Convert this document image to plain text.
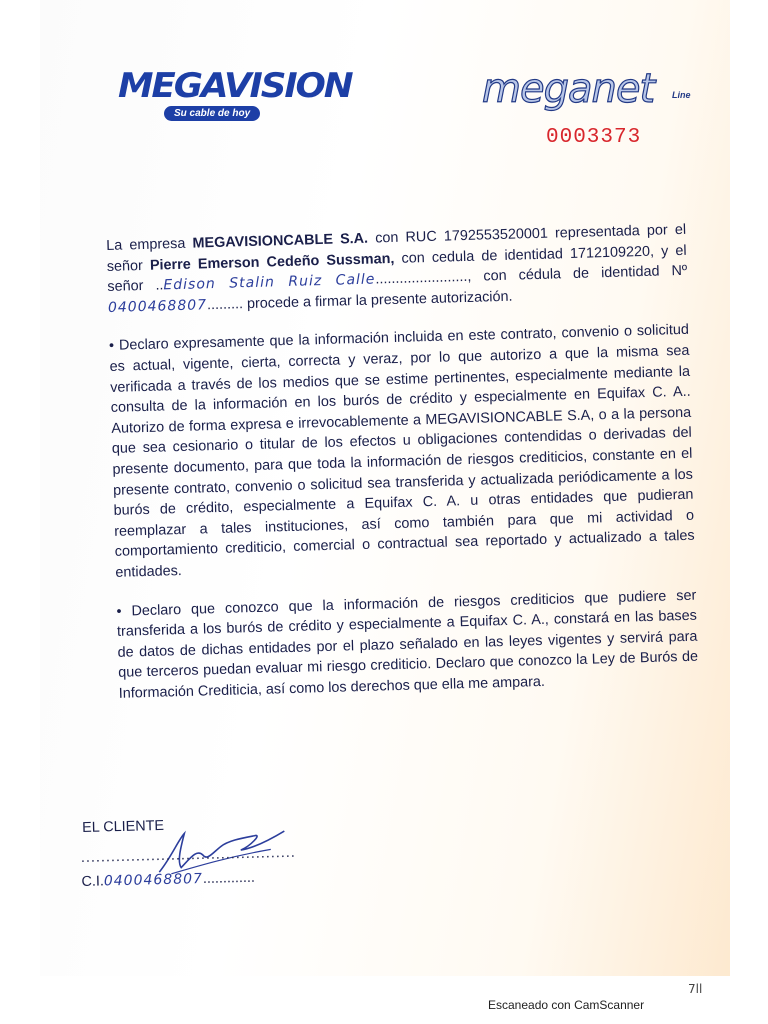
MEGAVISION
Su cable de hoy
meganet Line
0003373

La empresa MEGAVISIONCABLE S.A. con RUC 1792553520001 representada por el señor Pierre Emerson Cedeño Sussman, con cedula de identidad 1712109220, y el señor ..Edison Stalin Ruiz Calle......................., con cédula de identidad Nº 0400468807......... procede a firmar la presente autorización.

• Declaro expresamente que la información incluida en este contrato, convenio o solicitud es actual, vigente, cierta, correcta y veraz, por lo que autorizo a que la misma sea verificada a través de los medios que se estime pertinentes, especialmente mediante la consulta de la información en los burós de crédito y especialmente en Equifax C. A.. Autorizo de forma expresa e irrevocablemente a MEGAVISIONCABLE S.A, o a la persona que sea cesionario o titular de los efectos u obligaciones contendidas o derivadas del presente documento, para que toda la información de riesgos crediticios, constante en el presente contrato, convenio o solicitud sea transferida y actualizada periódicamente a los burós de crédito, especialmente a Equifax C. A. u otras entidades que pudieran reemplazar a tales instituciones, así como también para que mi actividad o comportamiento crediticio, comercial o contractual sea reportado y actualizado a tales entidades.

• Declaro que conozco que la información de riesgos crediticios que pudiere ser transferida a los burós de crédito y especialmente a Equifax C. A., constará en las bases de datos de dichas entidades por el plazo señalado en las leyes vigentes y servirá para que terceros puedan evaluar mi riesgo crediticio. Declaro que conozco la Ley de Burós de Información Crediticia, así como los derechos que ella me ampara.

EL CLIENTE
...........................................
C.I.0400468807.............
7ll
Escaneado con CamScanner
